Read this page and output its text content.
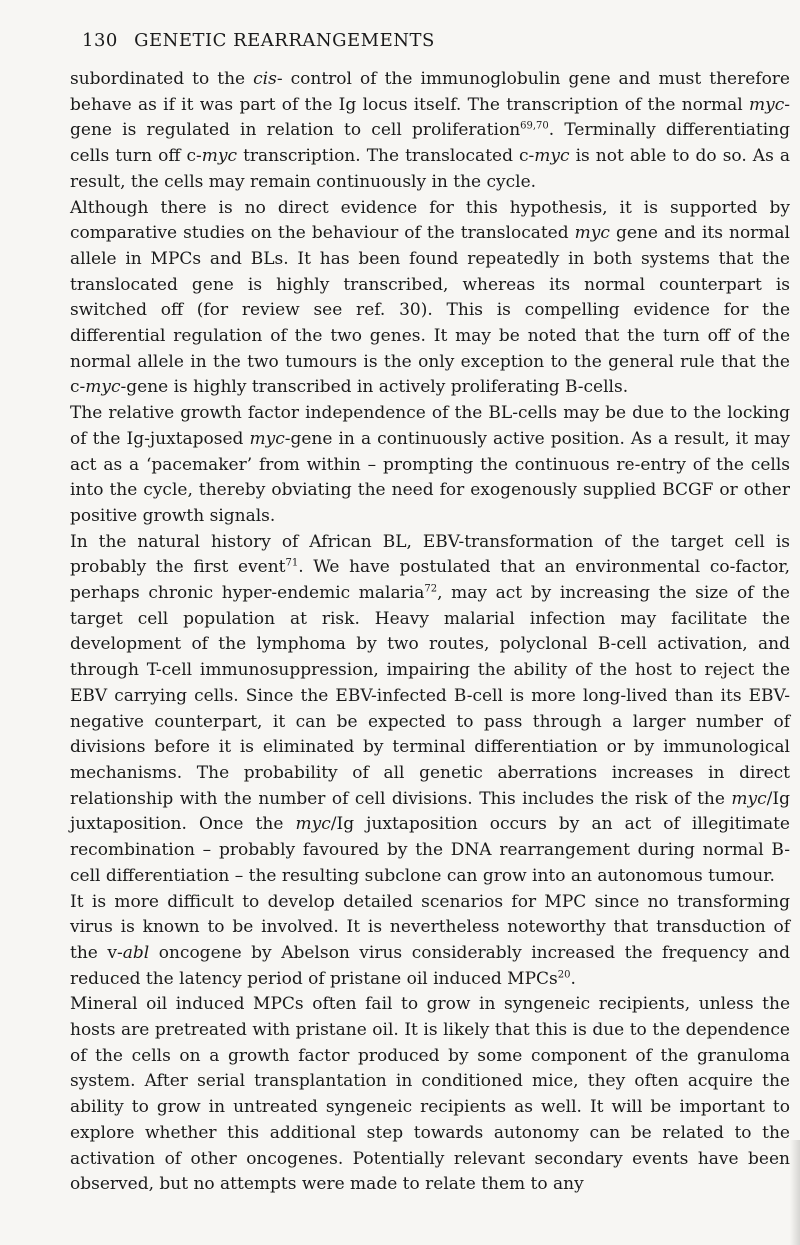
130 GENETIC REARRANGEMENTS

subordinated to the cis- control of the immunoglobulin gene and must therefore behave as if it was part of the Ig locus itself. The transcription of the normal myc-gene is regulated in relation to cell proliferation$^{69,70}$. Terminally differentiating cells turn off c-myc transcription. The translocated c-myc is not able to do so. As a result, the cells may remain continuously in the cycle.

Although there is no direct evidence for this hypothesis, it is supported by comparative studies on the behaviour of the translocated myc gene and its normal allele in MPCs and BLs. It has been found repeatedly in both systems that the translocated gene is highly transcribed, whereas its normal counterpart is switched off (for review see ref. 30). This is compelling evidence for the differential regulation of the two genes. It may be noted that the turn off of the normal allele in the two tumours is the only exception to the general rule that the c-myc-gene is highly transcribed in actively proliferating B-cells.

The relative growth factor independence of the BL-cells may be due to the locking of the Ig-juxtaposed myc-gene in a continuously active position. As a result, it may act as a ‘pacemaker’ from within – prompting the continuous re-entry of the cells into the cycle, thereby obviating the need for exogenously supplied BCGF or other positive growth signals.

In the natural history of African BL, EBV-transformation of the target cell is probably the first event$^{71}$. We have postulated that an environmental co-factor, perhaps chronic hyper-endemic malaria$^{72}$, may act by increasing the size of the target cell population at risk. Heavy malarial infection may facilitate the development of the lymphoma by two routes, polyclonal B-cell activation, and through T-cell immunosuppression, impairing the ability of the host to reject the EBV carrying cells. Since the EBV-infected B-cell is more long-lived than its EBV-negative counterpart, it can be expected to pass through a larger number of divisions before it is eliminated by terminal differentiation or by immunological mechanisms. The probability of all genetic aberrations increases in direct relationship with the number of cell divisions. This includes the risk of the myc/Ig juxtaposition. Once the myc/Ig juxtaposition occurs by an act of illegitimate recombination – probably favoured by the DNA rearrangement during normal B-cell differentiation – the resulting subclone can grow into an autonomous tumour.

It is more difficult to develop detailed scenarios for MPC since no transforming virus is known to be involved. It is nevertheless noteworthy that transduction of the v-abl oncogene by Abelson virus considerably increased the frequency and reduced the latency period of pristane oil induced MPCs$^{20}$.

Mineral oil induced MPCs often fail to grow in syngeneic recipients, unless the hosts are pretreated with pristane oil. It is likely that this is due to the dependence of the cells on a growth factor produced by some component of the granuloma system. After serial transplantation in conditioned mice, they often acquire the ability to grow in untreated syngeneic recipients as well. It will be important to explore whether this additional step towards autonomy can be related to the activation of other oncogenes. Potentially relevant secondary events have been observed, but no attempts were made to relate them to any
